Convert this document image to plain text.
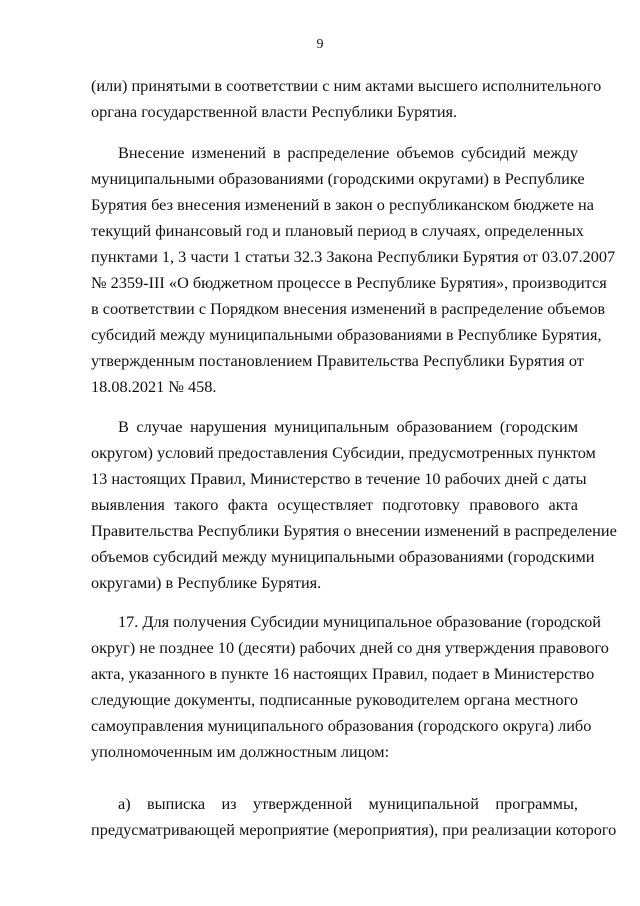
9
(или) принятыми в соответствии с ним актами высшего исполнительного
органа государственной власти Республики Бурятия.
Внесение изменений в распределение объемов субсидий между
муниципальными образованиями (городскими округами) в Республике
Бурятия без внесения изменений в закон о республиканском бюджете на
текущий финансовый год и плановый период в случаях, определенных
пунктами 1, 3 части 1 статьи 32.3 Закона Республики Бурятия от 03.07.2007
№ 2359-III «О бюджетном процессе в Республике Бурятия», производится
в соответствии с Порядком внесения изменений в распределение объемов
субсидий между муниципальными образованиями в Республике Бурятия,
утвержденным постановлением Правительства Республики Бурятия от
18.08.2021 № 458.
В случае нарушения муниципальным образованием (городским
округом) условий предоставления Субсидии, предусмотренных пунктом
13 настоящих Правил, Министерство в течение 10 рабочих дней с даты
выявления такого факта осуществляет подготовку правового акта
Правительства Республики Бурятия о внесении изменений в распределение
объемов субсидий между муниципальными образованиями (городскими
округами) в Республике Бурятия.
17. Для получения Субсидии муниципальное образование (городской
округ) не позднее 10 (десяти) рабочих дней со дня утверждения правового
акта, указанного в пункте 16 настоящих Правил, подает в Министерство
следующие документы, подписанные руководителем органа местного
самоуправления муниципального образования (городского округа) либо
уполномоченным им должностным лицом:
а) выписка из утвержденной муниципальной программы,
предусматривающей мероприятие (мероприятия), при реализации которого
